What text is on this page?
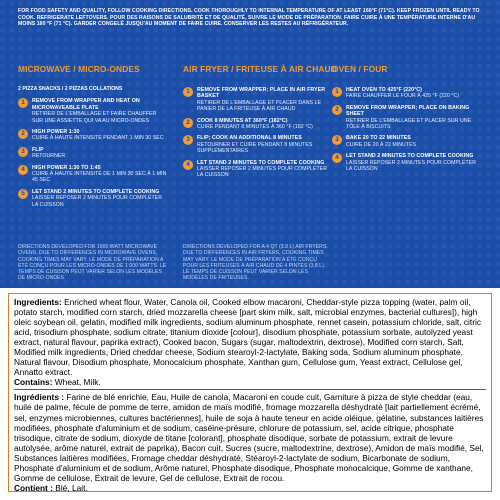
FOR FOOD SAFETY AND QUALITY, FOLLOW COOKING DIRECTIONS. COOK THOROUGHLY TO INTERNAL TEMPERATURE OF AT LEAST 160°F (71°C). KEEP FROZEN UNTIL READY TO COOK. REFRIGERATE LEFTOVERS. POUR DES RAISONS DE SALUBRITÉ ET DE QUALITÉ, SUIVRE LE MODE DE PRÉPARATION. FAIRE CUIRE À UNE TEMPÉRATURE INTERNE D'AU MOINS 160 °F (71 °C). GARDER CONGELÉ JUSQU'AU MOMENT DE FAIRE CUIRE. CONSERVER LES RESTES AU RÉFRIGÉRATEUR.

MICROWAVE / MICRO-ONDES

2 PIZZA SNACKS / 2 PIZZAS COLLATIONS

1	REMOVE FROM WRAPPER AND HEAT ON MICROWAVEABLE PLATE
RETIRER DE L'EMBALLAGE ET FAIRE CHAUFFER SUR UNE ASSIETTE QUI VA AU MICRO-ONDES
2	HIGH POWER 1:30
CUIRE À HAUTE INTENSITÉ PENDANT 1 MIN 30 SEC
3	FLIP
RETOURNER
4	HIGH POWER 1:30 TO 1:45
CUIRE À HAUTE INTENSITÉ DE 1 MIN 30 SEC À 1 MIN 45 SEC
5	LET STAND 2 MINUTES TO COMPLETE COOKING
LAISSER REPOSER 2 MINUTES POUR COMPLÉTER LA CUISSON
AIR FRYER / FRITEUSE À AIR CHAUD
1	REMOVE FROM WRAPPER; PLACE IN AIR FRYER BASKET
RETIRER DE L'EMBALLAGE ET PLACER DANS LE PANIER DE LA FRITEUSE À AIR CHAUD
2	COOK 8 MINUTES AT 360°F (182°C)
CUIRE PENDANT 8 MINUTES À 360 °F (182 °C)
3	FLIP; COOK AN ADDITIONAL 8 MINUTES
RETOURNER ET CUIRE PENDANT 8 MINUTES SUPPLÉMENTAIRES
4	LET STAND 2 MINUTES TO COMPLETE COOKING
LAISSER REPOSER 2 MINUTES POUR COMPLÉTER LA CUISSON
OVEN / FOUR
1	HEAT OVEN TO 425°F (220°C)
FAIRE CHAUFFER LE FOUR À 425 °F (220 °C)
2	REMOVE FROM WRAPPER; PLACE ON BAKING SHEET
RETIRER DE L'EMBALLAGE ET PLACER SUR UNE TÔLE À BISCUITS
3	BAKE 20 TO 22 MINUTES
CUIRE DE 20 À 22 MINUTES
4	LET STAND 2 MINUTES TO COMPLETE COOKING
LAISSER REPOSER 2 MINUTES POUR COMPLÉTER LA CUISSON

DIRECTIONS DEVELOPED FOR 1000 WATT MICROWAVE OVENS. DUE TO DIFFERENCES IN MICROWAVE OVENS, COOKING TIMES MAY VARY. LE MODE DE PRÉPARATION A ÉTÉ CONÇU POUR LES MICRO-ONDES DE 1 000 WATTS. LE TEMPS DE CUISSON PEUT VARIER SELON LES MODÈLES DE MICRO-ONDES.

DIRECTIONS DEVELOPED FOR A 4 QT (3.8 L) AIR FRYERS. DUE TO DIFFERENCES IN AIR FRYERS, COOKING TIMES MAY VARY. LE MODE DE PRÉPARATION A ÉTÉ CONÇU POUR LES FRITEUSES À AIR CHAUD DE 4 PINTES (3,8 L). LE TEMPS DE CUISSON PEUT VARIER SELON LES MODÈLES DE FRITEUSES.

Ingredients: Enriched wheat flour, Water, Canola oil, Cooked elbow macaroni, Cheddar-style pizza topping (water, palm oil, potato starch, modified corn starch, dried mozzarella cheese [part skim milk, salt, microbial enzymes, bacterial cultures]), high oleic soybean oil, gelatin, modified milk ingredients, sodium aluminum phosphate, rennet casein, potassium chloride, salt, citric acid, trisodium phosphate, sodium citrate, titanium dioxide [colour], disodium phosphate, potassium sorbate, autolyzed yeast extract, natural flavour, paprika extract), Cooked bacon, Sugars (sugar, maltodextrin, dextrose), Modified corn starch, Salt, Modified milk ingredients, Dried cheddar cheese, Sodium stearoyl-2-lactylate, Baking soda, Sodium aluminum phosphate, Natural flavour, Disodium phosphate, Monocalcium phosphate, Xanthan gum, Cellulose gum, Yeast extract, Cellulose gel, Annatto extract.

Contains: Wheat, Milk.

Ingrédients : Farine de blé enrichie, Eau, Huile de canola, Macaroni en coude cuit, Garniture à pizza de style cheddar (eau, huile de palme, fécule de pomme de terre, amidon de maïs modifié, fromage mozzarella déshydraté [lait partiellement écrémé, sel, enzymes microbiennes, cultures bactériennes], huile de soja à haute teneur en acide oléique, gélatine, substances laitières modifiées, phosphate d'aluminium et de sodium, caséine-présure, chlorure de potassium, sel, acide citrique, phosphate trisodique, citrate de sodium, dioxyde de titane [colorant], phosphate disodique, sorbate de potassium, extrait de levure autolysée, arôme naturel, extrait de paprika), Bacon cuit, Sucres (sucre, maltodextrine, dextrose), Amidon de maïs modifié, Sel, Substances laitières modifiées, Fromage cheddar déshydraté, Stéaroyl-2-lactylate de sodium, Bicarbonate de sodium, Phosphate d'aluminium et de sodium, Arôme naturel, Phosphate disodique, Phosphate monocalcique, Gomme de xanthane, Gomme de cellulose, Extrait de levure, Gel de cellulose, Extrait de rocou.

Contient : Blé, Lait.
